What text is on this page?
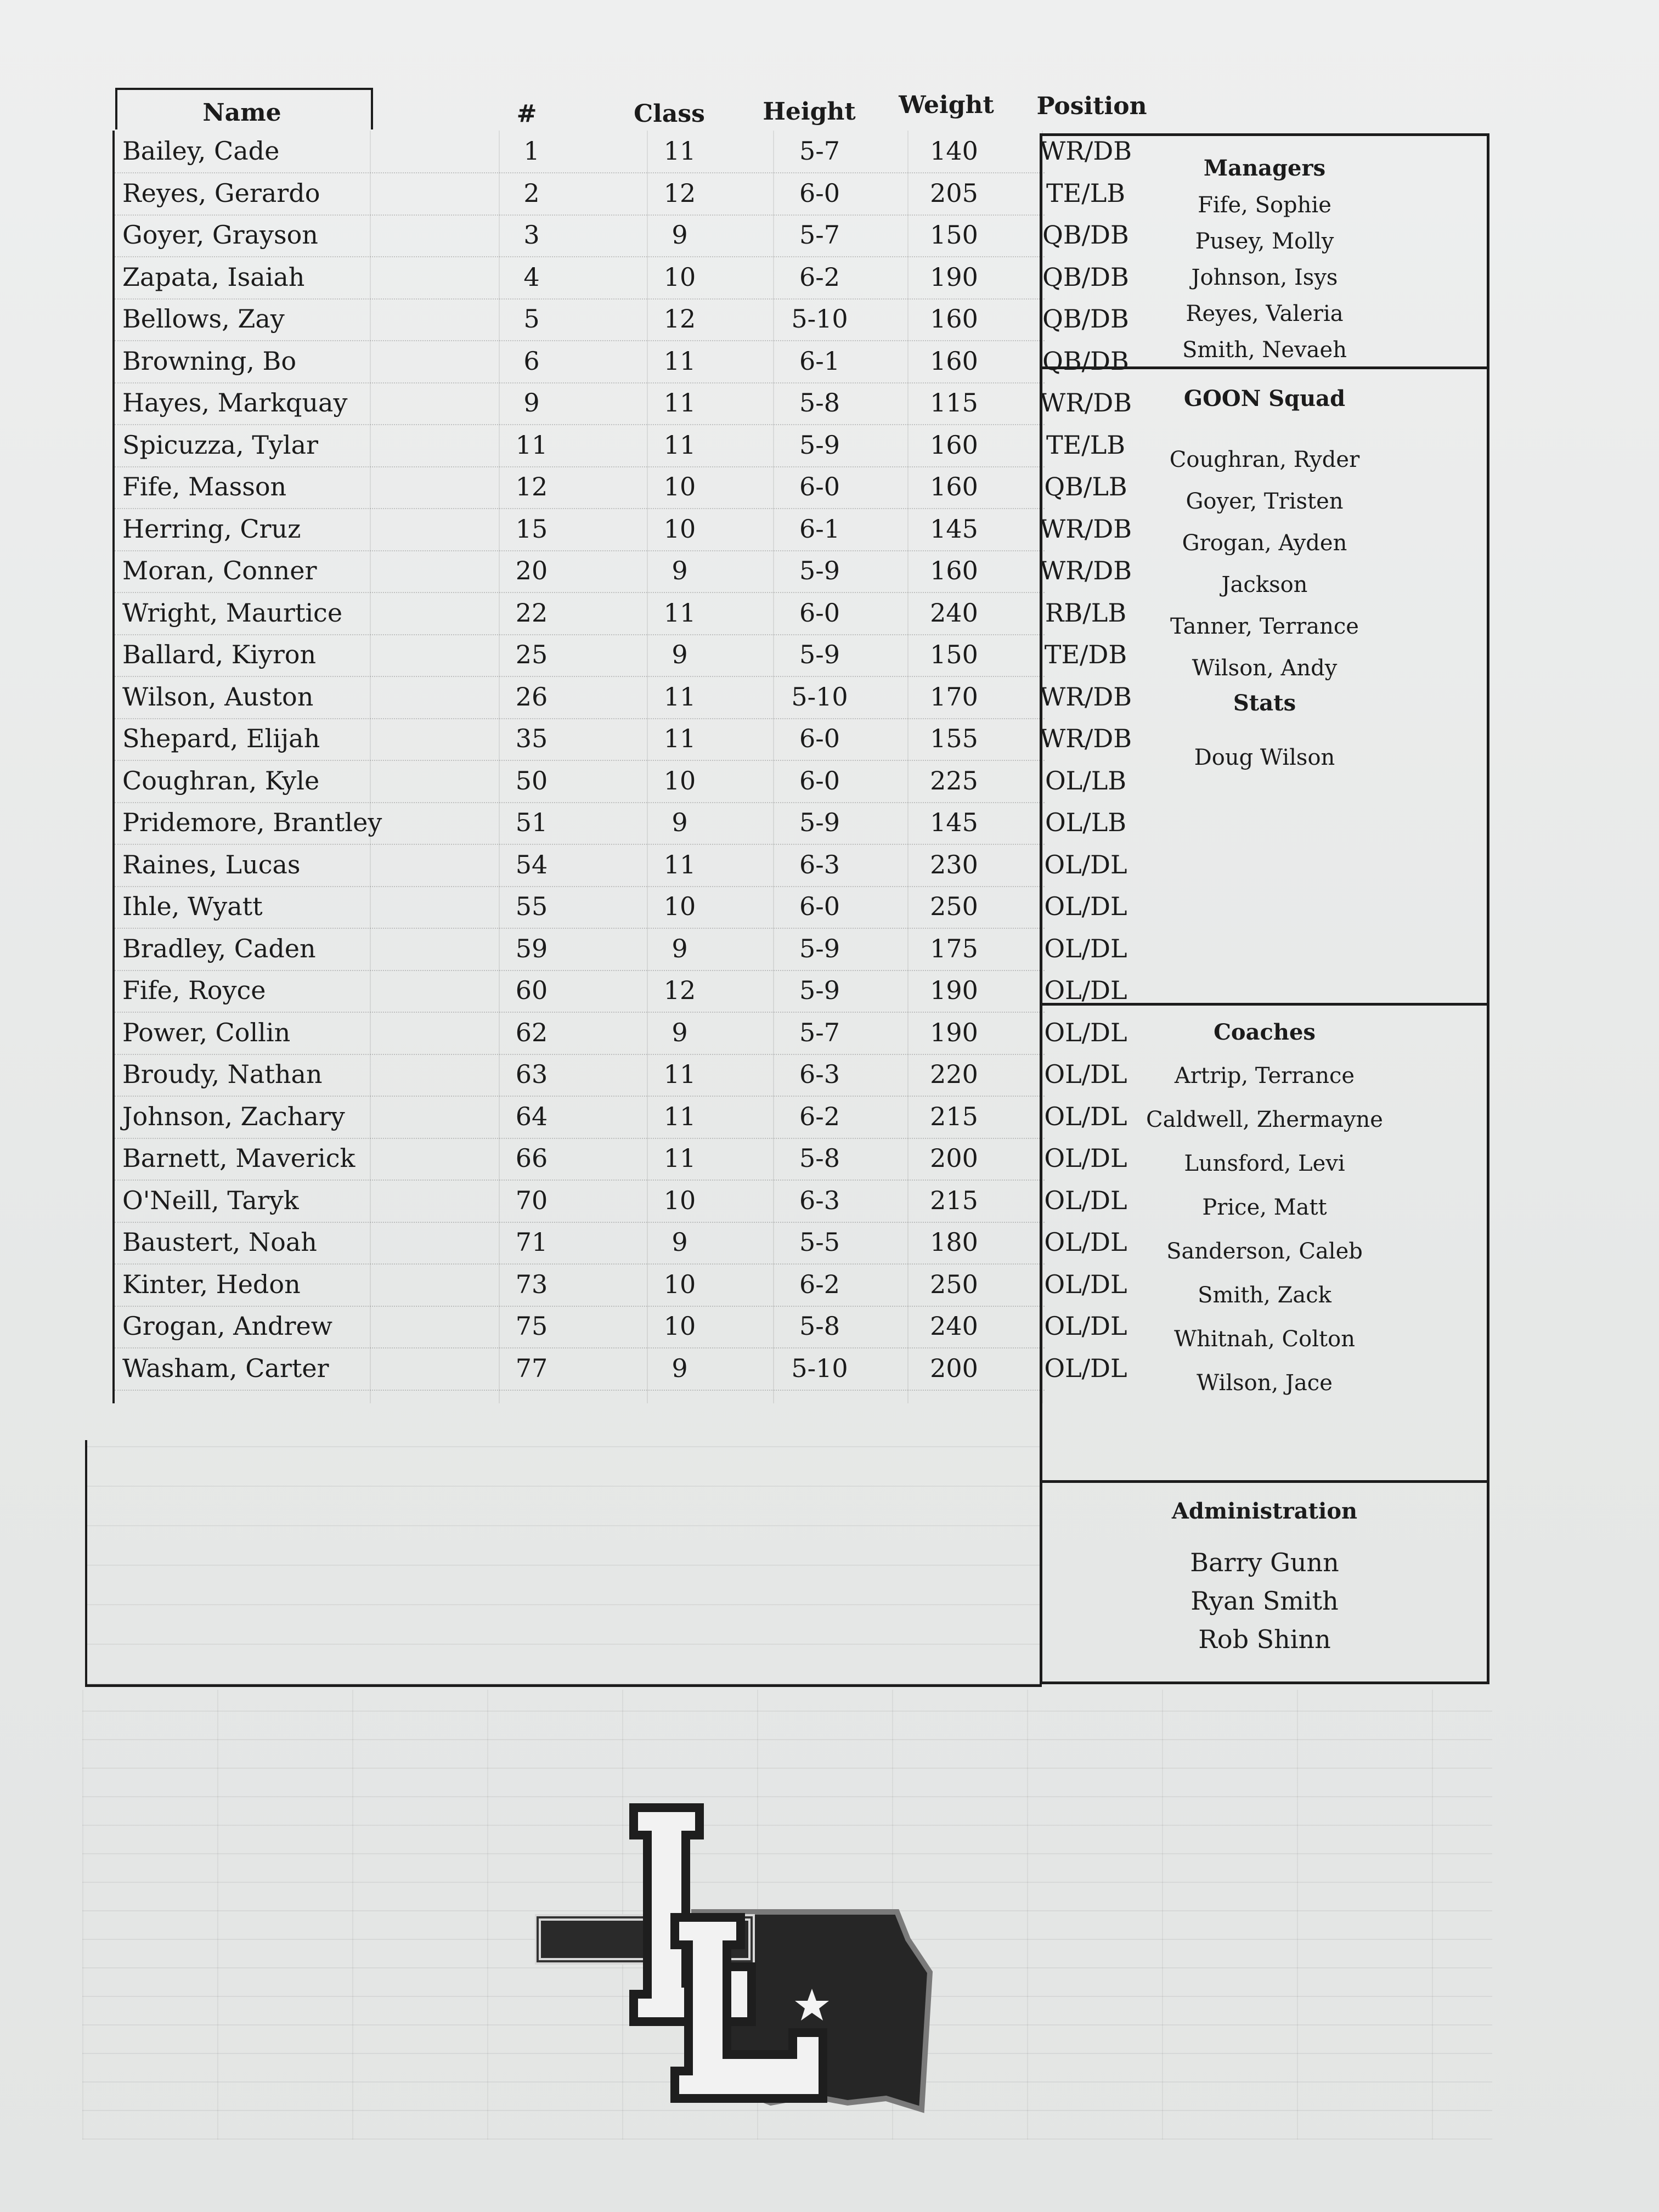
Name	#	Class	Height	Weight	Position
Bailey, Cade	1	11	5-7	140	WR/DB
Reyes, Gerardo	2	12	6-0	205	TE/LB
Goyer, Grayson	3	9	5-7	150	QB/DB
Zapata, Isaiah	4	10	6-2	190	QB/DB
Bellows, Zay	5	12	5-10	160	QB/DB
Browning, Bo	6	11	6-1	160	QB/DB
Hayes, Markquay	9	11	5-8	115	WR/DB
Spicuzza, Tylar	11	11	5-9	160	TE/LB
Fife, Masson	12	10	6-0	160	QB/LB
Herring, Cruz	15	10	6-1	145	WR/DB
Moran, Conner	20	9	5-9	160	WR/DB
Wright, Maurtice	22	11	6-0	240	RB/LB
Ballard, Kiyron	25	9	5-9	150	TE/DB
Wilson, Auston	26	11	5-10	170	WR/DB
Shepard, Elijah	35	11	6-0	155	WR/DB
Coughran, Kyle	50	10	6-0	225	OL/LB
Pridemore, Brantley	51	9	5-9	145	OL/LB
Raines, Lucas	54	11	6-3	230	OL/DL
Ihle, Wyatt	55	10	6-0	250	OL/DL
Bradley, Caden	59	9	5-9	175	OL/DL
Fife, Royce	60	12	5-9	190	OL/DL
Power, Collin	62	9	5-7	190	OL/DL
Broudy, Nathan	63	11	6-3	220	OL/DL
Johnson, Zachary	64	11	6-2	215	OL/DL
Barnett, Maverick	66	11	5-8	200	OL/DL
O'Neill, Taryk	70	10	6-3	215	OL/DL
Baustert, Noah	71	9	5-5	180	OL/DL
Kinter, Hedon	73	10	6-2	250	OL/DL
Grogan, Andrew	75	10	5-8	240	OL/DL
Washam, Carter	77	9	5-10	200	OL/DL
Managers
Fife, Sophie
Pusey, Molly
Johnson, Isys
Reyes, Valeria
Smith, Nevaeh
GOON Squad
Coughran, Ryder
Goyer, Tristen
Grogan, Ayden
Jackson
Tanner, Terrance
Wilson, Andy
Stats
Doug Wilson
Coaches
Artrip, Terrance
Caldwell, Zhermayne
Lunsford, Levi
Price, Matt
Sanderson, Caleb
Smith, Zack
Whitnah, Colton
Wilson, Jace
Administration
Barry Gunn
Ryan Smith
Rob Shinn
